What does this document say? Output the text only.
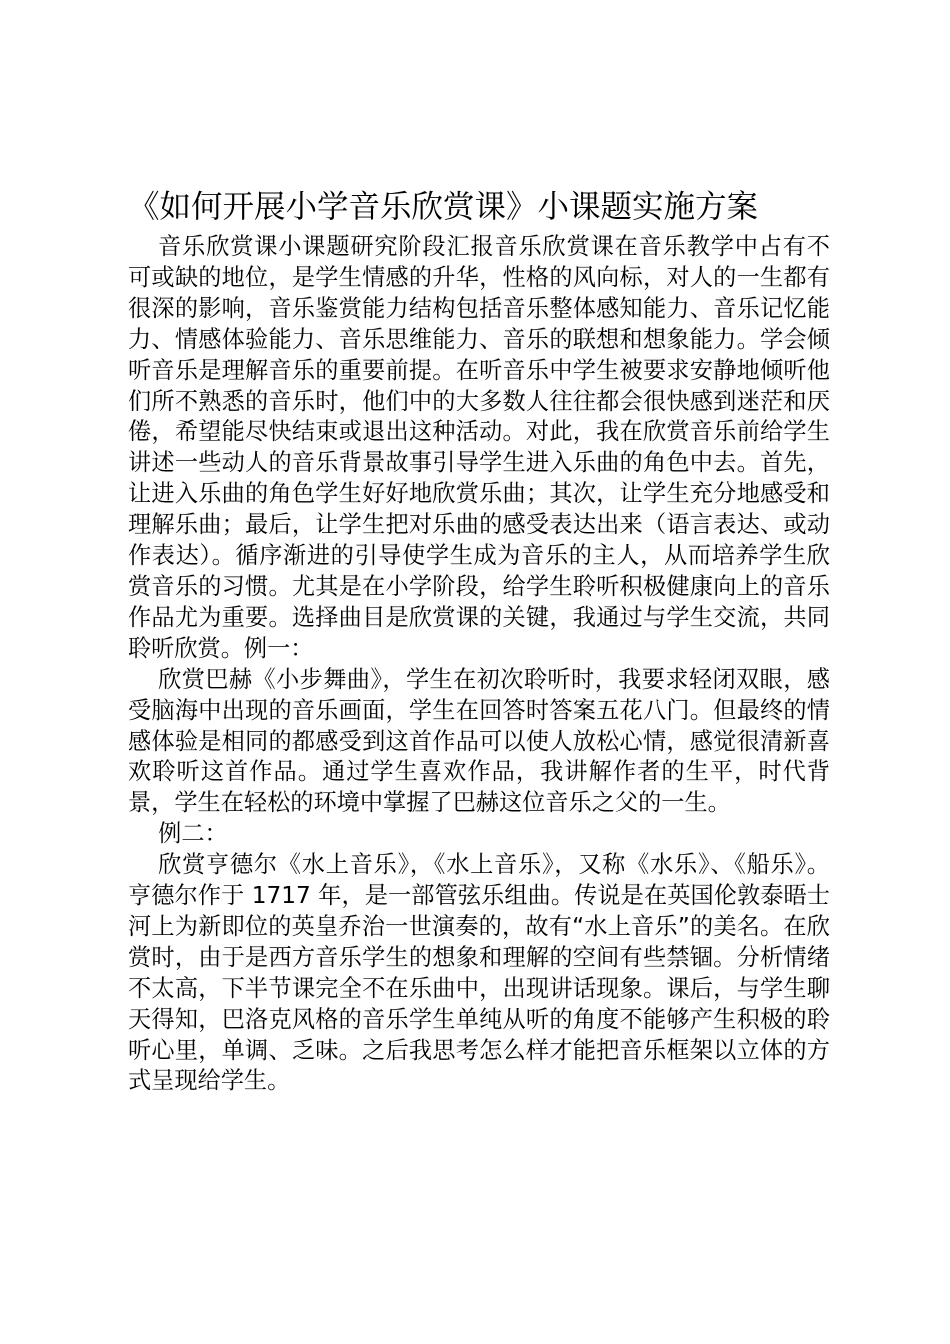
《如何开展小学音乐欣赏课》小课题实施方案

音乐欣赏课小课题研究阶段汇报音乐欣赏课在音乐教学中占有不可或缺的地位，是学生情感的升华，性格的风向标，对人的一生都有很深的影响，音乐鉴赏能力结构包括音乐整体感知能力、音乐记忆能力、情感体验能力、音乐思维能力、音乐的联想和想象能力。学会倾听音乐是理解音乐的重要前提。在听音乐中学生被要求安静地倾听他们所不熟悉的音乐时，他们中的大多数人往往都会很快感到迷茫和厌倦，希望能尽快结束或退出这种活动。对此，我在欣赏音乐前给学生讲述一些动人的音乐背景故事引导学生进入乐曲的角色中去。首先，让进入乐曲的角色学生好好地欣赏乐曲；其次，让学生充分地感受和理解乐曲；最后，让学生把对乐曲的感受表达出来（语言表达、或动作表达）。循序渐进的引导使学生成为音乐的主人，从而培养学生欣赏音乐的习惯。尤其是在小学阶段，给学生聆听积极健康向上的音乐作品尤为重要。选择曲目是欣赏课的关键，我通过与学生交流，共同聆听欣赏。例一：

欣赏巴赫《小步舞曲》，学生在初次聆听时，我要求轻闭双眼，感受脑海中出现的音乐画面，学生在回答时答案五花八门。但最终的情感体验是相同的都感受到这首作品可以使人放松心情，感觉很清新喜欢聆听这首作品。通过学生喜欢作品，我讲解作者的生平，时代背景，学生在轻松的环境中掌握了巴赫这位音乐之父的一生。

例二：

欣赏亨德尔《水上音乐》，《水上音乐》，又称《水乐》、《船乐》。亨德尔作于 1717 年，是一部管弦乐组曲。传说是在英国伦敦泰晤士河上为新即位的英皇乔治一世演奏的，故有“水上音乐”的美名。在欣赏时，由于是西方音乐学生的想象和理解的空间有些禁锢。分析情绪不太高，下半节课完全不在乐曲中，出现讲话现象。课后，与学生聊天得知，巴洛克风格的音乐学生单纯从听的角度不能够产生积极的聆听心里，单调、乏味。之后我思考怎么样才能把音乐框架以立体的方式呈现给学生。
